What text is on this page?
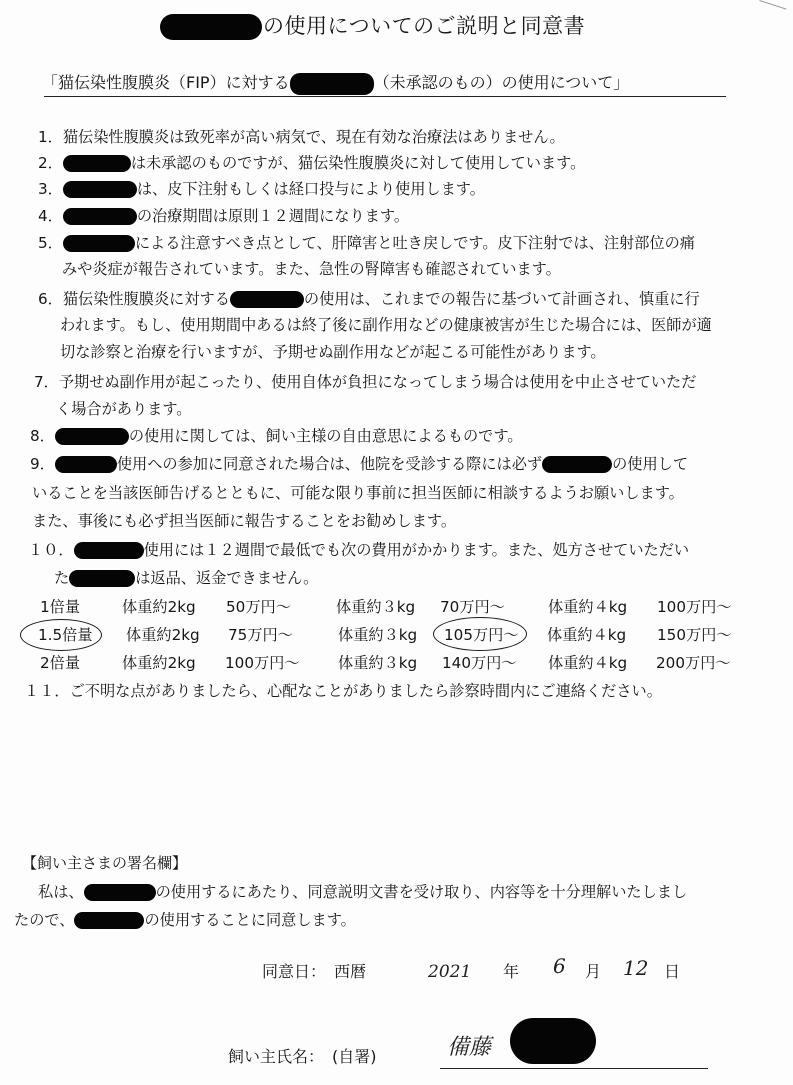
の使用についてのご説明と同意書
「猫伝染性腹膜炎（FIP）に対する	（未承認のもの）の使用について」
1．猫伝染性腹膜炎は致死率が高い病気で、現在有効な治療法はありません。
2．	は未承認のものですが、猫伝染性腹膜炎に対して使用しています。
3．	は、皮下注射もしくは経口投与により使用します。
4．	の治療期間は原則１２週間になります。
5．	による注意すべき点として、肝障害と吐き戻しです。皮下注射では、注射部位の痛
みや炎症が報告されています。また、急性の腎障害も確認されています。
6．猫伝染性腹膜炎に対する	の使用は、これまでの報告に基づいて計画され、慎重に行
われます。もし、使用期間中あるは終了後に副作用などの健康被害が生じた場合には、医師が適
切な診察と治療を行いますが、予期せぬ副作用などが起こる可能性があります。
7．予期せぬ副作用が起こったり、使用自体が負担になってしまう場合は使用を中止させていただ
く場合があります。
8．	の使用に関しては、飼い主様の自由意思によるものです。
9．	使用への参加に同意された場合は、他院を受診する際には必ず	の使用して
いることを当該医師告げるとともに、可能な限り事前に担当医師に相談するようお願いします。
また、事後にも必ず担当医師に報告することをお勧めします。
１０．	使用には１２週間で最低でも次の費用がかかります。また、処方させていただい
た	は返品、返金できません。
1倍量	体重約2kg 50万円～	体重約３kg 70万円～	体重約４kg 100万円～
1.5倍量 体重約2kg 75万円～	体重約３kg 105万円～ 体重約４kg 150万円～
2倍量	体重約2kg 100万円～	体重約３kg 140万円～ 体重約４kg 200万円～
１１．ご不明な点がありましたら、心配なことがありましたら診察時間内にご連絡ください。
【飼い主さまの署名欄】
私は、	の使用するにあたり、同意説明文書を受け取り、内容等を十分理解いたしまし
たので、	の使用することに同意します。
同意日：　西暦	2021 年 6 月 12 日
飼い主氏名：　(自署)	備藤
